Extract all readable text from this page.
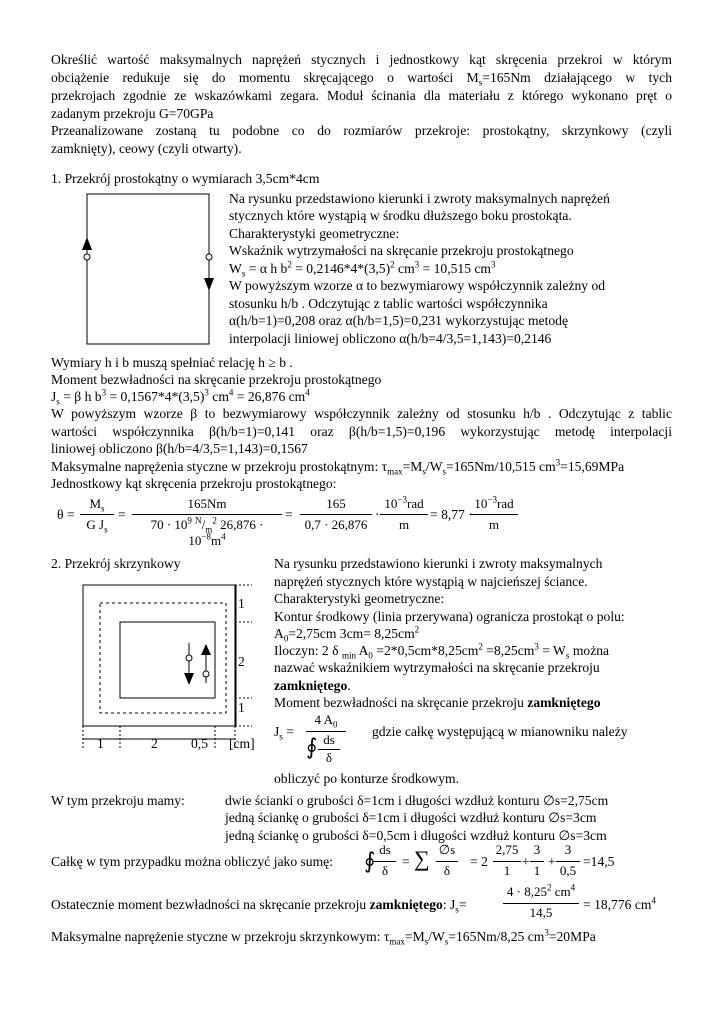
Określić wartość maksymalnych naprężeń stycznych i jednostkowy kąt skręcenia przekroi w którym
obciążenie redukuje się do momentu skręcającego o wartości $M_s=165Nm$ działającego w tych
przekrojach zgodnie ze wskazówkami zegara. Moduł ścinania dla materiału z którego wykonano pręt o
zadanym przekroju G=70GPa
Przeanalizowane zostaną tu podobne co do rozmiarów przekroje: prostokątny, skrzynkowy (czyli
zamknięty), ceowy (czyli otwarty).
1. Przekrój prostokątny o wymiarach 3,5cm*4cm
Na rysunku przedstawiono kierunki i zwroty maksymalnych naprężeń
stycznych które wystąpią w środku dłuższego boku prostokąta.
Charakterystyki geometryczne:
Wskaźnik wytrzymałości na skręcanie przekroju prostokątnego
$W_s = \alpha$ h $b^2 = 0,2146*4*(3,5)^2$ $cm^3 = 10,515$ $cm^3$
W powyższym wzorze α to bezwymiarowy współczynnik zależny od
stosunku h/b . Odczytując z tablic wartości współczynnika
α(h/b=1)=0,208 oraz α(h/b=1,5)=0,231 wykorzystując metodę
interpolacji liniowej obliczono α(h/b=4/3,5=1,143)=0,2146
Wymiary h i b muszą spełniać relację h ≥ b .
Moment bezwładności na skręcanie przekroju prostokątnego
$J_s = \beta$ h $b^3 = 0,1567*4*(3,5)^3$ $cm^4 = 26,876$ $cm^4$
W powyższym wzorze β to bezwymiarowy współczynnik zależny od stosunku h/b . Odczytując z tablic
wartości współczynnika β(h/b=1)=0,141 oraz β(h/b=1,5)=0,196 wykorzystując metodę interpolacji
liniowej obliczono β(h/b=4/3,5=1,143)=0,1567
Maksymalne naprężenia styczne w przekroju prostokątnym: $\tau_{max}=M_s/W_s=165Nm/10,515$ $cm^3=15,69MPa$
Jednostkowy kąt skręcenia przekroju prostokątnego:
θ =
$M_s$
G $J_s$
=
165Nm
$70 \cdot 10^9$ $^N/_m^2$ $26,876 \cdot 10^{-8}m^4$
=
165
0,7 · 26,876
·
$10^{-3}rad$
m
= 8,77 ·
$10^{-3}rad$
m
2. Przekrój skrzynkowy
1
2
1
1	2 0,5 [cm]
Na rysunku przedstawiono kierunki i zwroty maksymalnych
naprężeń stycznych które wystąpią w najcieńszej ściance.
Charakterystyki geometryczne:
Kontur środkowy (linia przerywana) ogranicza prostokąt o polu:
$A_0=2,75cm$ $3cm= 8,25cm^2$
Iloczyn: 2 δ $_{min}$ $A_0 =2*0,5cm*8,25cm^2 =8,25cm^3 = W_s$ można
nazwać wskaźnikiem wytrzymałości na skręcanie przekroju
zamkniętego.
Moment bezwładności na skręcanie przekroju zamkniętego
$J_s$ =
4 $A_0$
∮ ds
δ
gdzie całkę występującą w mianowniku należy
obliczyć po konturze środkowym.
W tym przekroju mamy:	dwie ścianki o grubości δ=1cm i długości wzdłuż konturu ∅s=2,75cm
jedną ściankę o grubości δ=1cm i długości wzdłuż konturu ∅s=3cm
jedną ściankę o grubości δ=0,5cm i długości wzdłuż konturu ∅s=3cm
Całkę w tym przypadku można obliczyć jako sumę: ∮ ds
δ
= ∑ ∅s
δ
= 2
2,75
1
+
3
1
+
3
0,5
=14,5
Ostatecznie moment bezwładności na skręcanie przekroju zamkniętego: $J_s=$
$4 \cdot 8,25^2$ $cm^4$
14,5
= 18,776 $cm^4$
Maksymalne naprężenie styczne w przekroju skrzynkowym: $\tau_{max}=M_s/W_s=165Nm/8,25$ $cm^3=20MPa$
